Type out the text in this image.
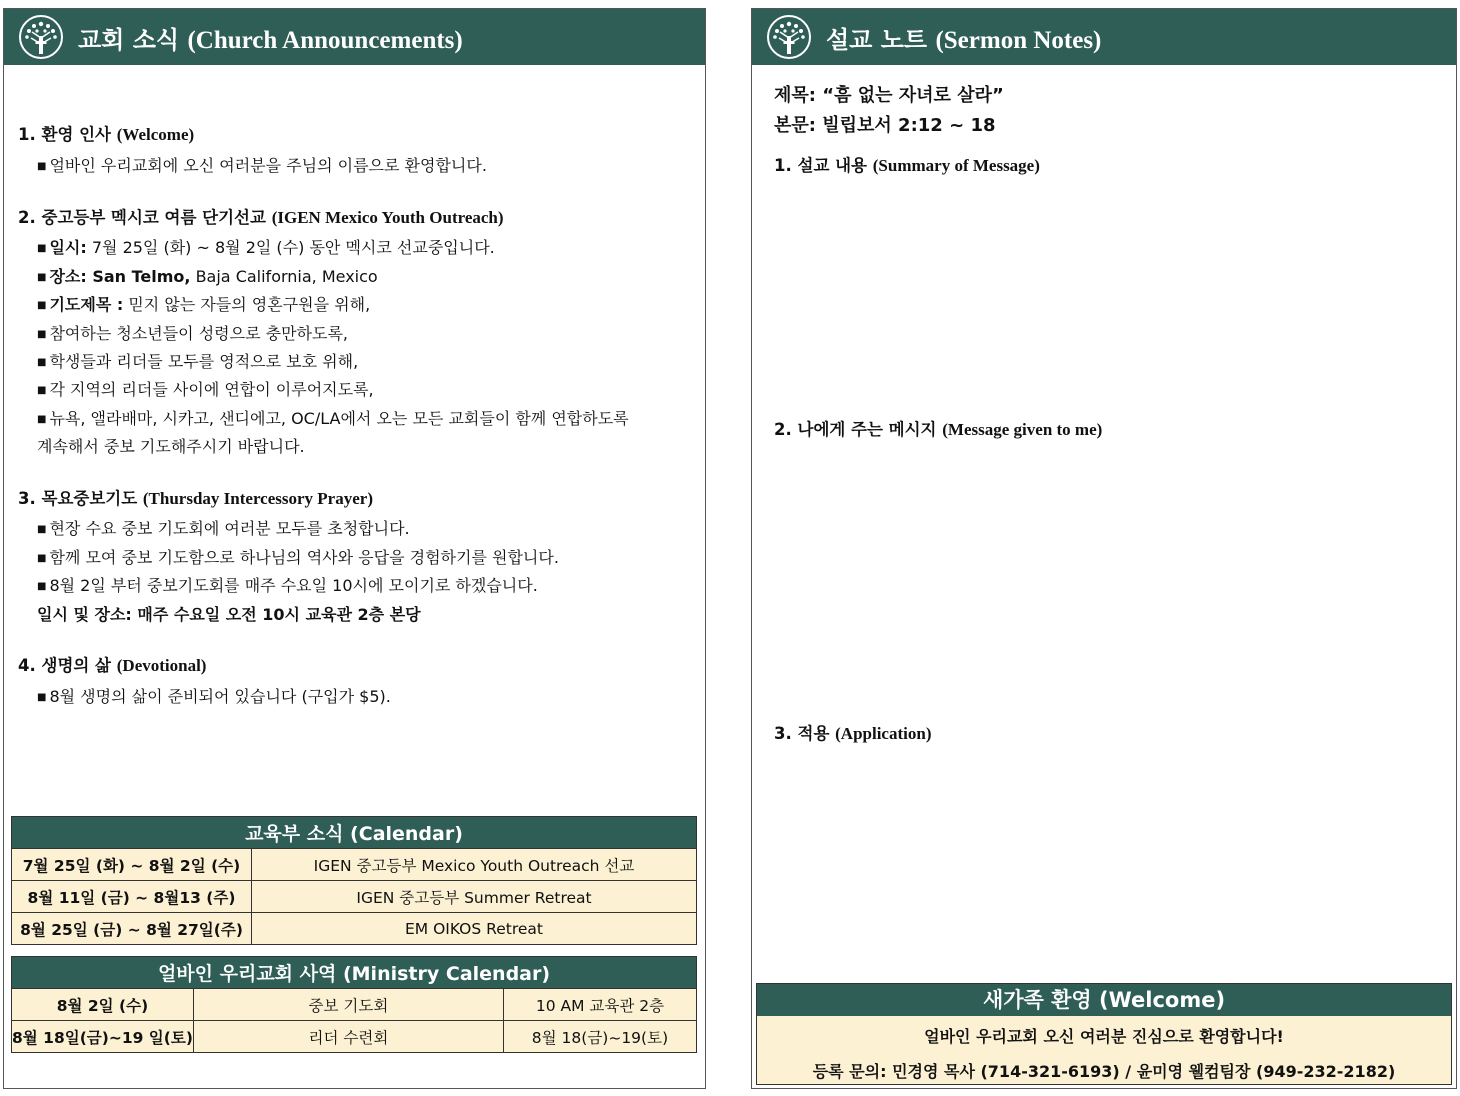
교회 소식 (Church Announcements)
1. 환영 인사 (Welcome)
■ 얼바인 우리교회에 오신 여러분을 주님의 이름으로 환영합니다.
2. 중고등부 멕시코 여름 단기선교 (IGEN Mexico Youth Outreach)
■ 일시: 7월 25일 (화) ~ 8월 2일 (수) 동안 멕시코 선교중입니다.
■ 장소: San Telmo, Baja California, Mexico
■ 기도제목 : 믿지 않는 자들의 영혼구원을 위해,
■ 참여하는 청소년들이 성령으로 충만하도록,
■ 학생들과 리더들 모두를 영적으로 보호 위해,
■ 각 지역의 리더들 사이에 연합이 이루어지도록,
■ 뉴욕, 앨라배마, 시카고, 샌디에고, OC/LA에서 오는 모든 교회들이 함께 연합하도록
계속해서 중보 기도해주시기 바랍니다.
3. 목요중보기도 (Thursday Intercessory Prayer)
■ 현장 수요 중보 기도회에 여러분 모두를 초청합니다.
■ 함께 모여 중보 기도함으로 하나님의 역사와 응답을 경험하기를 원합니다.
■ 8월 2일 부터 중보기도회를 매주 수요일 10시에 모이기로 하겠습니다.
일시 및 장소: 매주 수요일 오전 10시 교육관 2층 본당
4. 생명의 삶 (Devotional)
■ 8월 생명의 삶이 준비되어 있습니다 (구입가 $5).
교육부 소식 (Calendar)	
7월 25일 (화) ~ 8월 2일 (수)	IGEN 중고등부 Mexico Youth Outreach 선교
8월 11일 (금) ~ 8월13 (주)	IGEN 중고등부 Summer Retreat
8월 25일 (금) ~ 8월 27일(주)	EM OIKOS Retreat
얼바인 우리교회 사역 (Ministry Calendar)		
8월 2일 (수)	중보 기도회	10 AM 교육관 2층
8월 18일(금)~19 일(토)	리더 수련회	8월 18(금)~19(토)
설교 노트 (Sermon Notes)
제목: “흠 없는 자녀로 살라”
본문: 빌립보서 2:12 ~ 18
1. 설교 내용 (Summary of Message)
2. 나에게 주는 메시지 (Message given to me)
3. 적용 (Application)
새가족 환영 (Welcome)
얼바인 우리교회 오신 여러분 진심으로 환영합니다!
등록 문의: 민경영 목사 (714-321-6193) / 윤미영 웰컴팀장 (949-232-2182)
